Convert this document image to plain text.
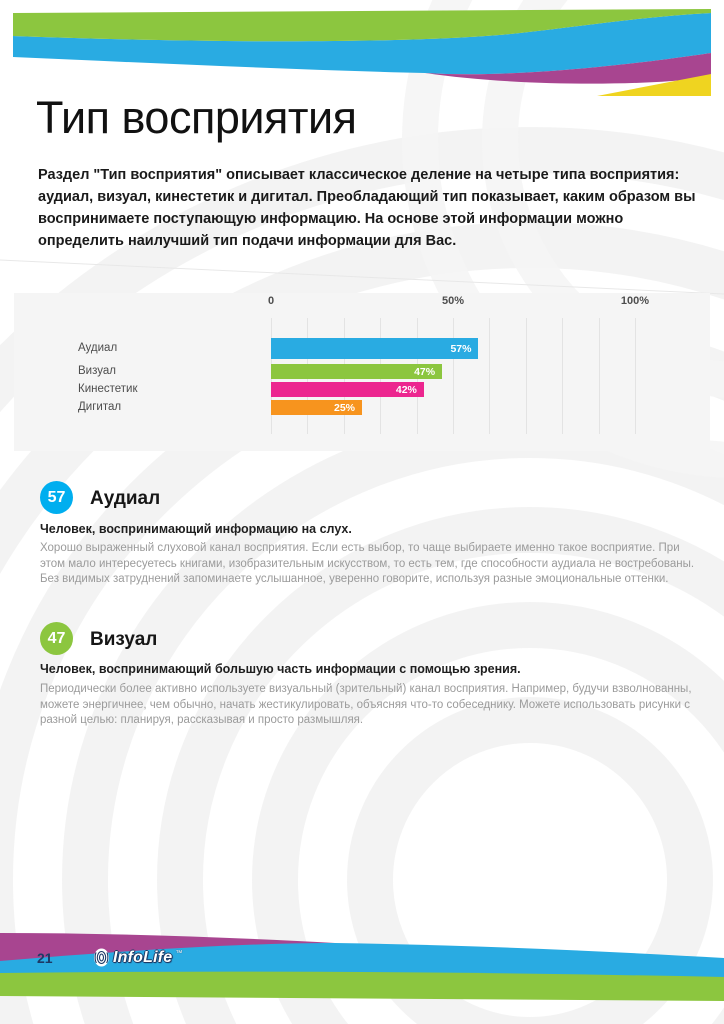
Тип восприятия

Раздел "Тип восприятия" описывает классическое деление на четыре типа восприятия: аудиал, визуал, кинестетик и дигитал. Преобладающий тип показывает, каким образом вы воспринимаете поступающую информацию. На основе этой информации можно определить наилучший тип подачи информации для Вас.

0	50%	100%
Аудиал	57%
Визуал	47%
Кинестетик	42%
Дигитал	25%
57 Аудиал
Человек, воспринимающий информацию на слух.
Хорошо выраженный слуховой канал восприятия. Если есть выбор, то чаще выбираете именно такое восприятие. При этом мало интересуетесь книгами, изобразительным искусством, то есть тем, где способности аудиала не востребованы. Без видимых затруднений запоминаете услышанное, уверенно говорите, используя разные эмоциональные оттенки.
47 Визуал
Человек, воспринимающий большую часть информации с помощью зрения.
Периодически более активно используете визуальный (зрительный) канал восприятия. Например, будучи взволнованны, можете энергичнее, чем обычно, начать жестикулировать, объясняя что-то собеседнику. Можете использовать рисунки с разной целью: планируя, рассказывая и просто размышляя.
21	InfoLife ™
